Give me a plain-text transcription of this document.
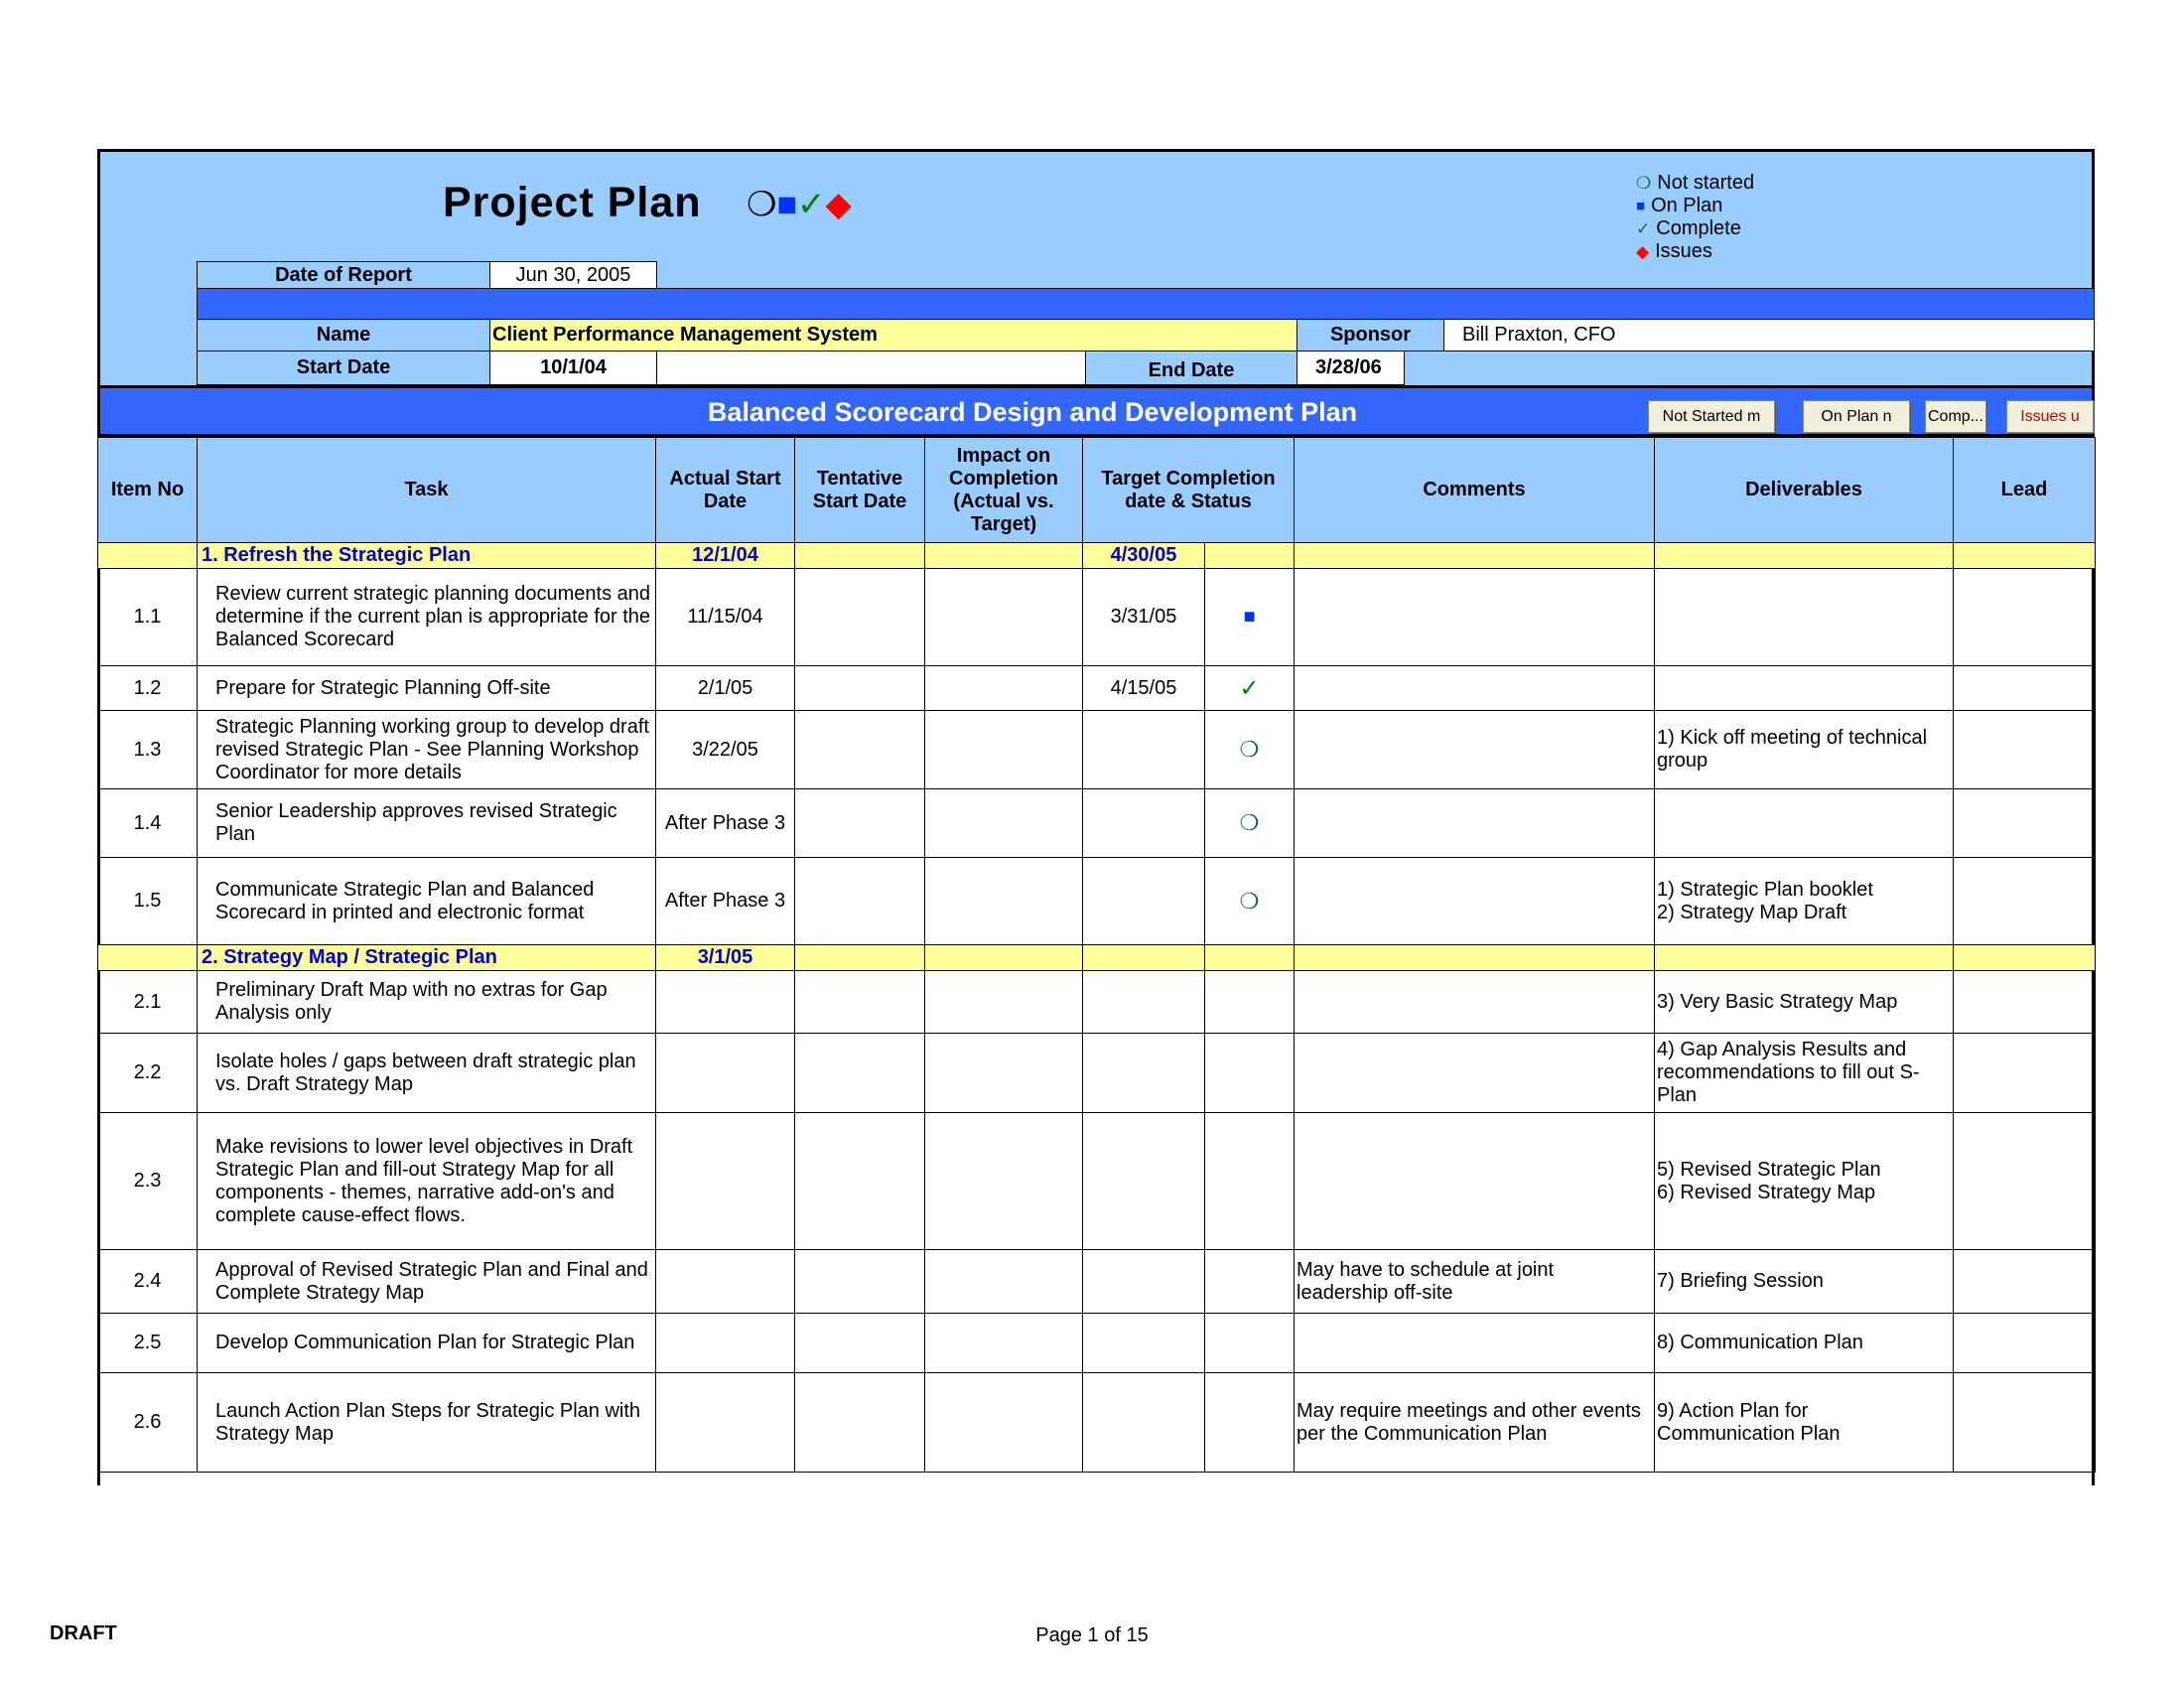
Project Plan ❍■✓◆
❍ Not started
■ On Plan
✓ Complete
◆ Issues
Date of Report	Jun 30, 2005
Name	Client Performance Management System	Sponsor	Bill Praxton, CFO
Start Date	10/1/04	End Date	3/28/06
Balanced Scorecard Design and Development Plan	Not Started m	On Plan n	Comp...	Issues u
Item No	Task	Actual Start Date	Tentative Start Date	Impact on Completion (Actual vs. Target)	Target Completion date & Status		Comments	Deliverables	Lead
	1. Refresh the Strategic Plan	12/1/04			4/30/05				
1.1	Review current strategic planning documents and determine if the current plan is appropriate for the Balanced Scorecard	11/15/04			3/31/05	■			
1.2	Prepare for Strategic Planning Off-site	2/1/05			4/15/05	✓			
1.3	Strategic Planning working group to develop draft revised Strategic Plan - See Planning Workshop Coordinator for more details	3/22/05				❍		1) Kick off meeting of technical group	
1.4	Senior Leadership approves revised Strategic Plan	After Phase 3				❍			
1.5	Communicate Strategic Plan and Balanced Scorecard in printed and electronic format	After Phase 3				❍		1) Strategic Plan booklet
2) Strategy Map Draft	
	2. Strategy Map / Strategic Plan	3/1/05							
2.1	Preliminary Draft Map with no extras for Gap Analysis only							3) Very Basic Strategy Map	
2.2	Isolate holes / gaps between draft strategic plan vs. Draft Strategy Map							4) Gap Analysis Results and recommendations to fill out S-Plan	
2.3	Make revisions to lower level objectives in Draft Strategic Plan and fill-out Strategy Map for all components - themes, narrative add-on's and complete cause-effect flows.							5) Revised Strategic Plan
6) Revised Strategy Map	
2.4	Approval of Revised Strategic Plan and Final and Complete Strategy Map						May have to schedule at joint leadership off-site	7) Briefing Session	
2.5	Develop Communication Plan for Strategic Plan							8) Communication Plan	
2.6	Launch Action Plan Steps for Strategic Plan with Strategy Map						May require meetings and other events per the Communication Plan	9) Action Plan for Communication Plan	
DRAFT	Page 1 of 15
